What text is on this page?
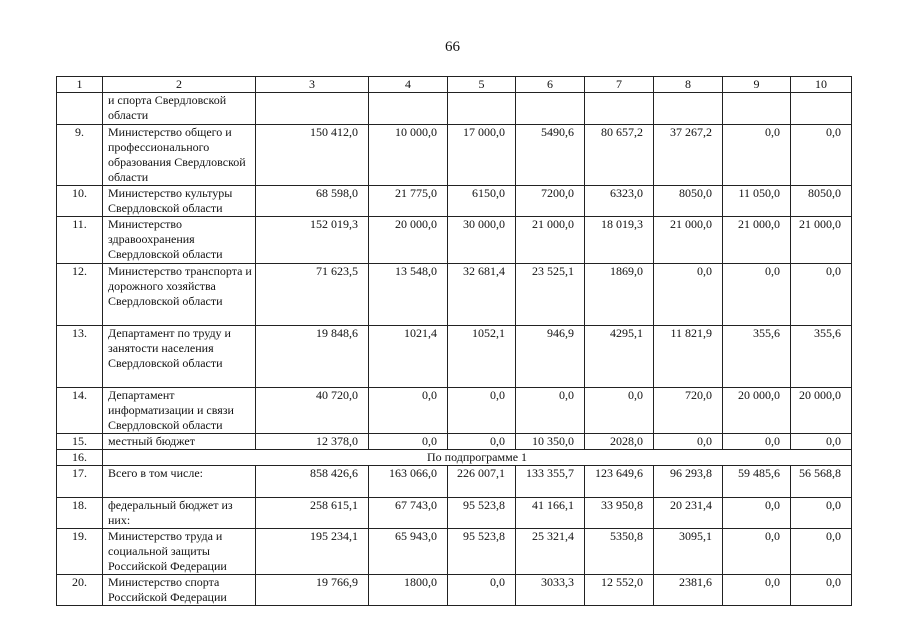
66
1	2	3	4	5	6	7	8	9	10
	и спорта Свердловской области								
9.	Министерство общего и профессионального образования Свердловской области	150 412,0	10 000,0	17 000,0	5490,6	80 657,2	37 267,2	0,0	0,0
10.	Министерство культуры Свердловской области	68 598,0	21 775,0	6150,0	7200,0	6323,0	8050,0	11 050,0	8050,0
11.	Министерство здравоохранения Свердловской области	152 019,3	20 000,0	30 000,0	21 000,0	18 019,3	21 000,0	21 000,0	21 000,0
12.	Министерство транспорта и дорожного хозяйства Свердловской области	71 623,5	13 548,0	32 681,4	23 525,1	1869,0	0,0	0,0	0,0
13.	Департамент по труду и занятости населения Свердловской области	19 848,6	1021,4	1052,1	946,9	4295,1	11 821,9	355,6	355,6
14.	Департамент информатизации и связи Свердловской области	40 720,0	0,0	0,0	0,0	0,0	720,0	20 000,0	20 000,0
15.	местный бюджет	12 378,0	0,0	0,0	10 350,0	2028,0	0,0	0,0	0,0
16.	По подпрограмме 1								
17.	Всего в том числе:	858 426,6	163 066,0	226 007,1	133 355,7	123 649,6	96 293,8	59 485,6	56 568,8
18.	федеральный бюджет из них:	258 615,1	67 743,0	95 523,8	41 166,1	33 950,8	20 231,4	0,0	0,0
19.	Министерство труда и социальной защиты Российской Федерации	195 234,1	65 943,0	95 523,8	25 321,4	5350,8	3095,1	0,0	0,0
20.	Министерство спорта Российской Федерации	19 766,9	1800,0	0,0	3033,3	12 552,0	2381,6	0,0	0,0
